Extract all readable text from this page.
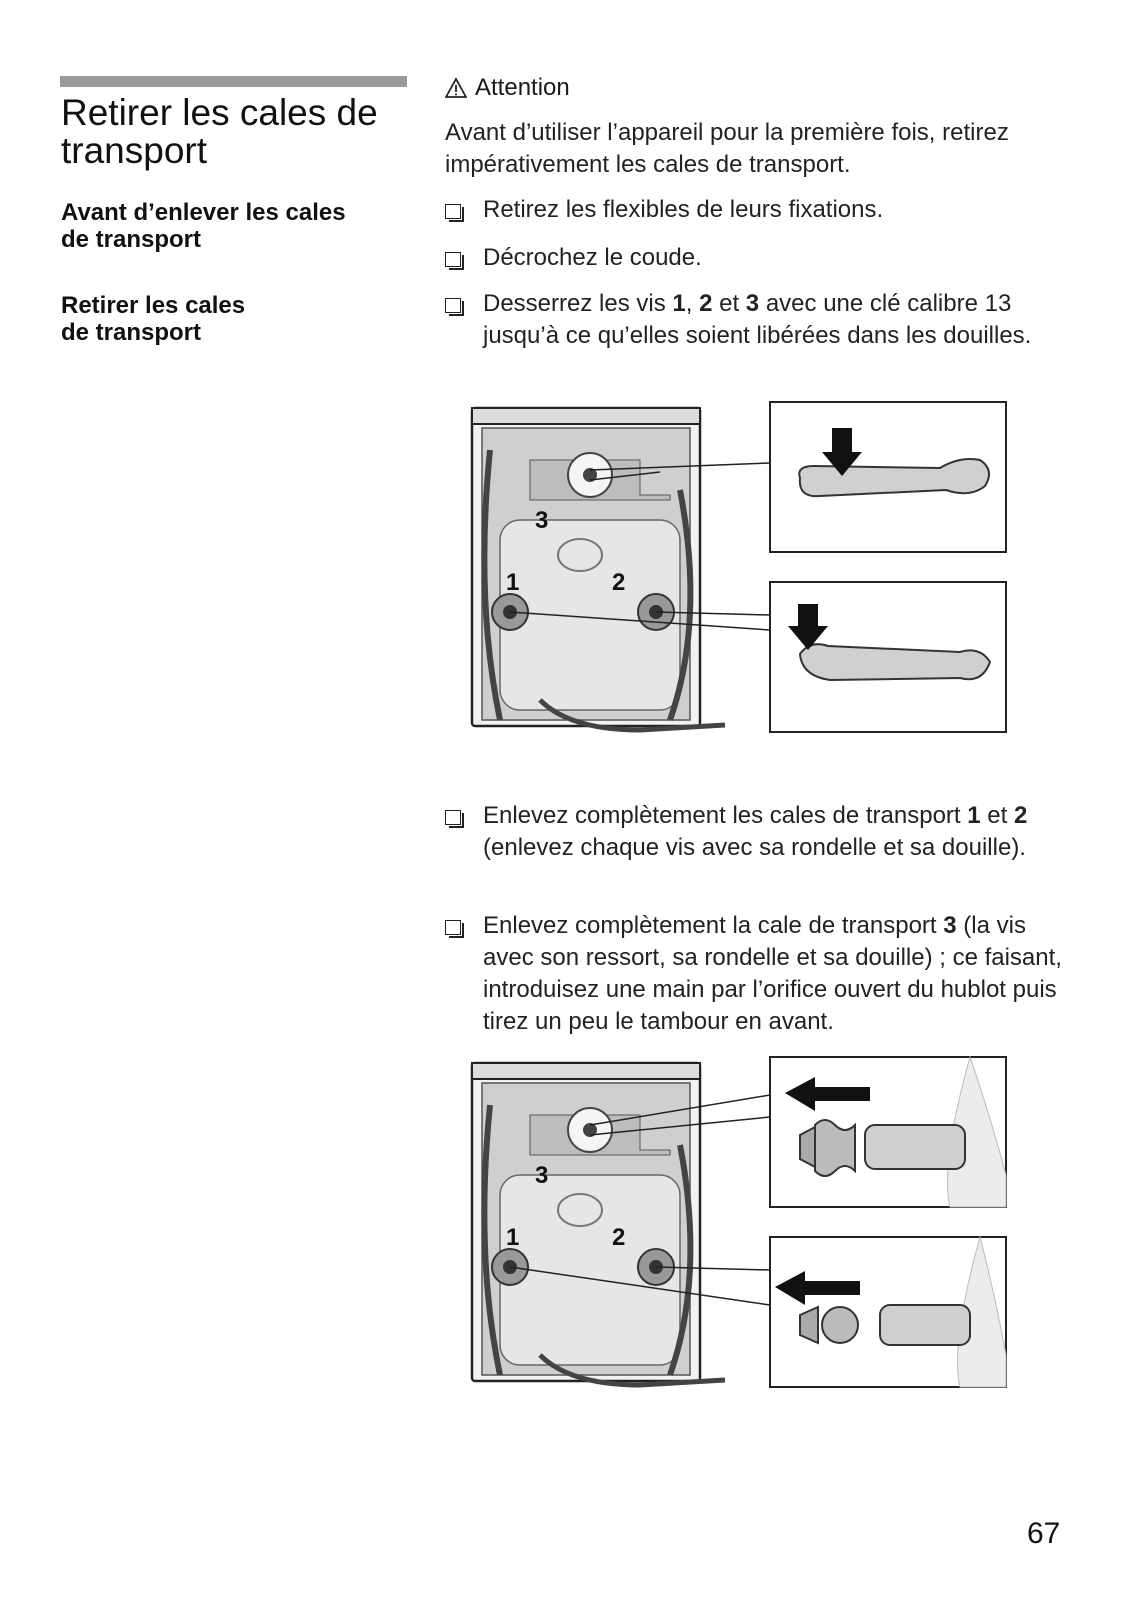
Retirer les cales de transport
Avant d’enlever les cales
de transport
Retirer les cales
de transport
Attention
Avant d’utiliser l’appareil pour la première fois, retirez impérativement les cales de transport.
Retirez les flexibles de leurs fixations.
Décrochez le coude.
Desserrez les vis 1, 2 et 3 avec une clé calibre 13 jusqu’à ce qu’elles soient libérées dans les douilles.
3
1	2
Enlevez complètement les cales de transport 1 et 2 (enlevez chaque vis avec sa rondelle et sa douille).
Enlevez complètement la cale de transport 3 (la vis avec son ressort, sa rondelle et sa douille) ; ce faisant, introduisez une main par l’orifice ouvert du hublot puis tirez un peu le tambour en avant.
3
1	2
67
